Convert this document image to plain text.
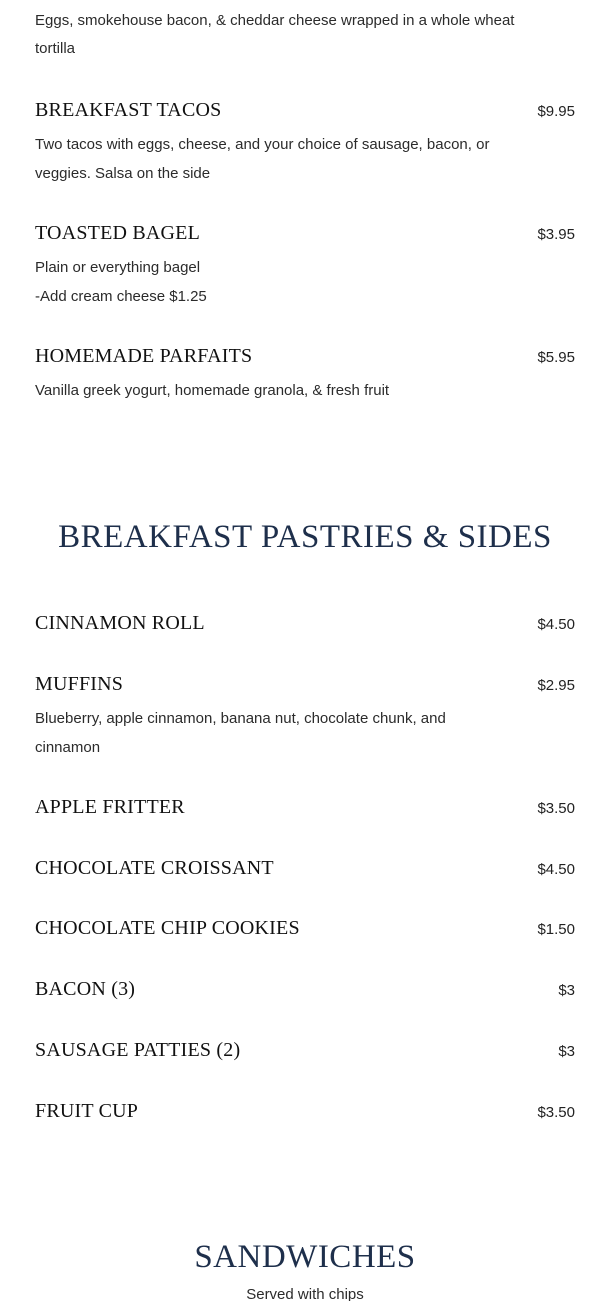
Eggs, smokehouse bacon, & cheddar cheese wrapped in a whole wheat tortilla
BREAKFAST TACOS	$9.95
Two tacos with eggs, cheese, and your choice of sausage, bacon, or veggies. Salsa on the side
TOASTED BAGEL	$3.95
Plain or everything bagel
-Add cream cheese $1.25
HOMEMADE PARFAITS	$5.95
Vanilla greek yogurt, homemade granola, & fresh fruit
BREAKFAST PASTRIES & SIDES
CINNAMON ROLL	$4.50
MUFFINS	$2.95
Blueberry, apple cinnamon, banana nut, chocolate chunk, and cinnamon
APPLE FRITTER	$3.50
CHOCOLATE CROISSANT	$4.50
CHOCOLATE CHIP COOKIES	$1.50
BACON (3)	$3
SAUSAGE PATTIES (2)	$3
FRUIT CUP	$3.50
SANDWICHES
Served with chips
